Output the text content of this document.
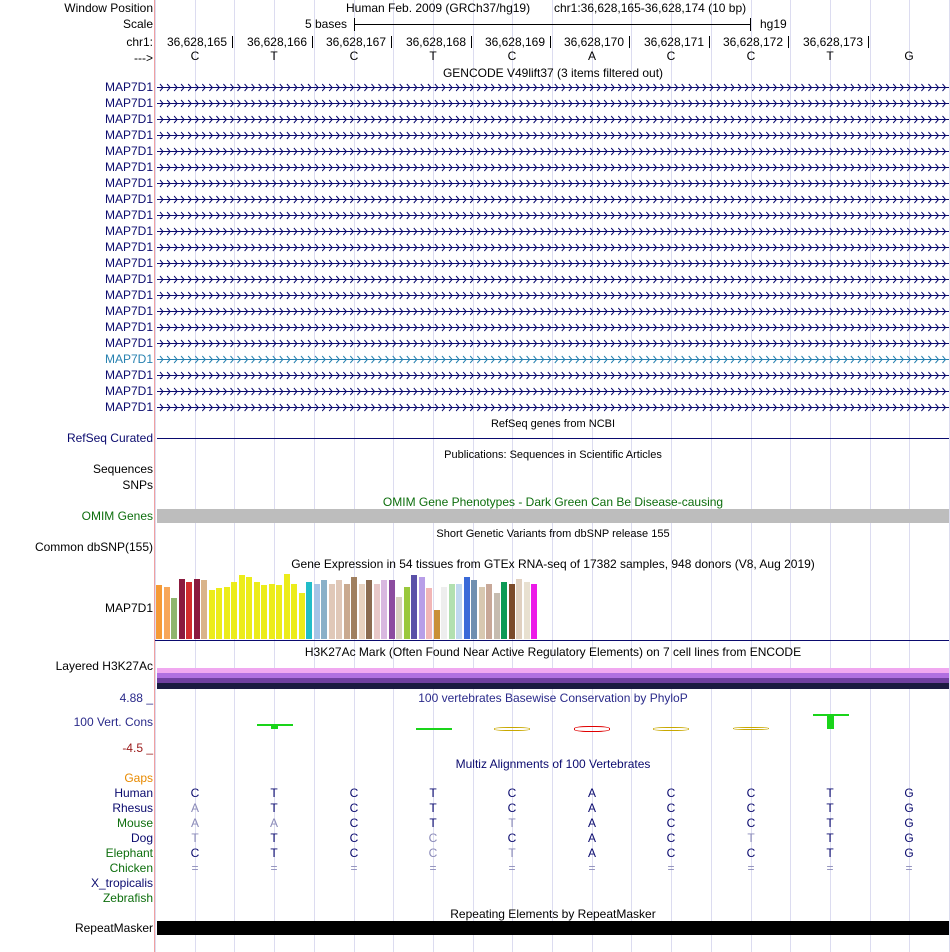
Window Position	Human Feb. 2009 (GRCh37/hg19) chr1:36,628,165-36,628,174 (10 bp)
Scale	5 bases	hg19
chr1:	36,628,165	36,628,166	36,628,167	36,628,168	36,628,169	36,628,170	36,628,171	36,628,172	36,628,173
--->	C	T	C	T	C	A	C	C	T	G
GENCODE V49lift37 (3 items filtered out)
MAP7D1
MAP7D1
MAP7D1
MAP7D1
MAP7D1
MAP7D1
MAP7D1
MAP7D1
MAP7D1
MAP7D1
MAP7D1
MAP7D1
MAP7D1
MAP7D1
MAP7D1
MAP7D1
MAP7D1
MAP7D1
MAP7D1
MAP7D1
MAP7D1
RefSeq genes from NCBI
RefSeq Curated
Publications: Sequences in Scientific Articles
Sequences
SNPs
OMIM Gene Phenotypes - Dark Green Can Be Disease-causing
OMIM Genes
Short Genetic Variants from dbSNP release 155
Common dbSNP(155)
Gene Expression in 54 tissues from GTEx RNA-seq of 17382 samples, 948 donors (V8, Aug 2019)
MAP7D1
H3K27Ac Mark (Often Found Near Active Regulatory Elements) on 7 cell lines from ENCODE
Layered H3K27Ac
4.88 _	100 vertebrates Basewise Conservation by PhyloP
100 Vert. Cons
-4.5 _
Multiz Alignments of 100 Vertebrates
Gaps
Human	C	T	C	T	C	A	C	C	T	G
Rhesus	A	T	C	T	C	A	C	C	T	G
Mouse	A	A	C	T	T	A	C	C	T	G
Dog	T	T	C	C	C	A	C	T	T	G
Elephant	C	T	C	C	T	A	C	C	T	G
Chicken	=	=	=	=	=	=	=	=	=	=
X_tropicalis
Zebrafish
Repeating Elements by RepeatMasker
RepeatMasker
